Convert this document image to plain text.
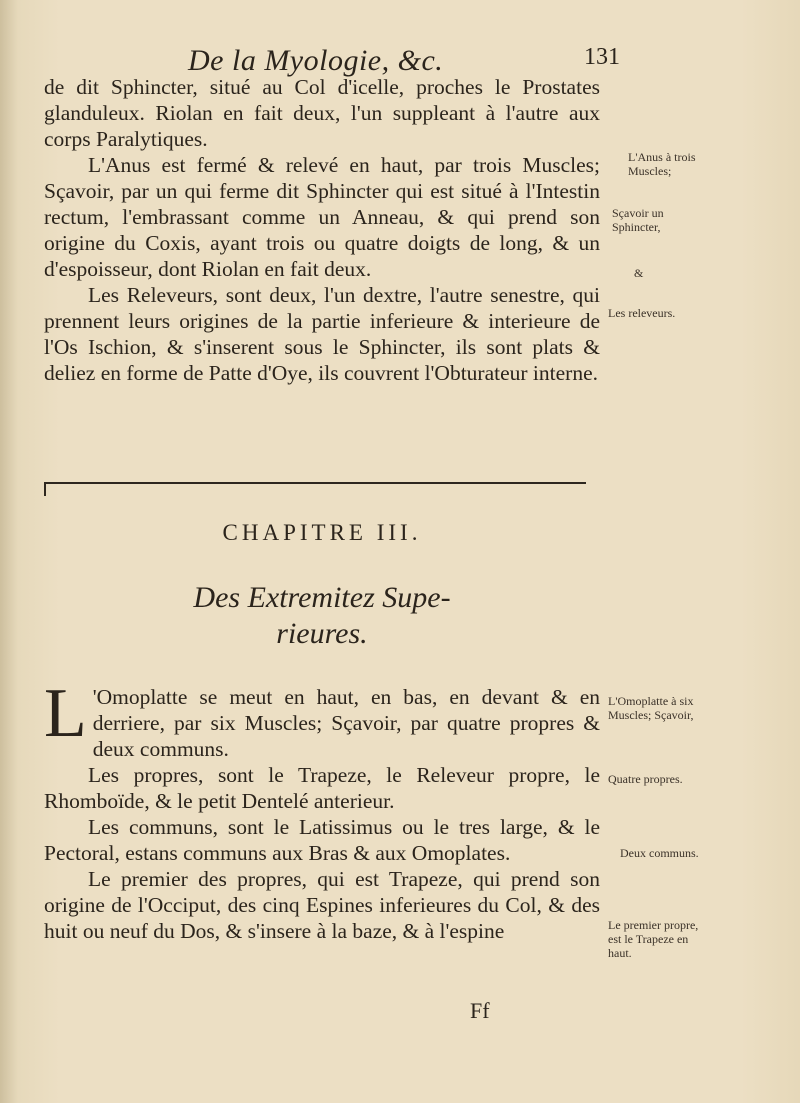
De la Myologie, &c.	131

de dit Sphincter, situé au Col d'icelle, proches le Prostates glanduleux. Riolan en fait deux, l'un suppleant à l'autre aux corps Paralytiques.

L'Anus est fermé & relevé en haut, par trois Muscles; Sçavoir, par un qui ferme dit Sphincter qui est situé à l'Intestin rectum, l'embrassant comme un Anneau, & qui prend son origine du Coxis, ayant trois ou quatre doigts de long, & un d'espoisseur, dont Riolan en fait deux.

Les Releveurs, sont deux, l'un dextre, l'autre senestre, qui prennent leurs origines de la partie inferieure & interieure de l'Os Ischion, & s'inserent sous le Sphincter, ils sont plats & deliez en forme de Patte d'Oye, ils couvrent l'Obturateur interne.

L'Anus à trois Muscles;
Sçavoir un Sphincter,
&
Les releveurs.
L'Omoplatte à six Muscles; Sçavoir,
Quatre propres.
Deux communs.
Le premier propre, est le Trapeze en haut.
CHAPITRE III.
Des Extremitez Supe-
rieures.

L 'Omoplatte se meut en haut, en bas, en devant & en derriere, par six Muscles; Sçavoir, par quatre propres & deux communs.

Les propres, sont le Trapeze, le Releveur propre, le Rhomboïde, & le petit Dentelé anterieur.

Les communs, sont le Latissimus ou le tres large, & le Pectoral, estans communs aux Bras & aux Omoplates.

Le premier des propres, qui est Trapeze, qui prend son origine de l'Occiput, des cinq Espines inferieures du Col, & des huit ou neuf du Dos, & s'insere à la baze, & à l'espine

Ff
